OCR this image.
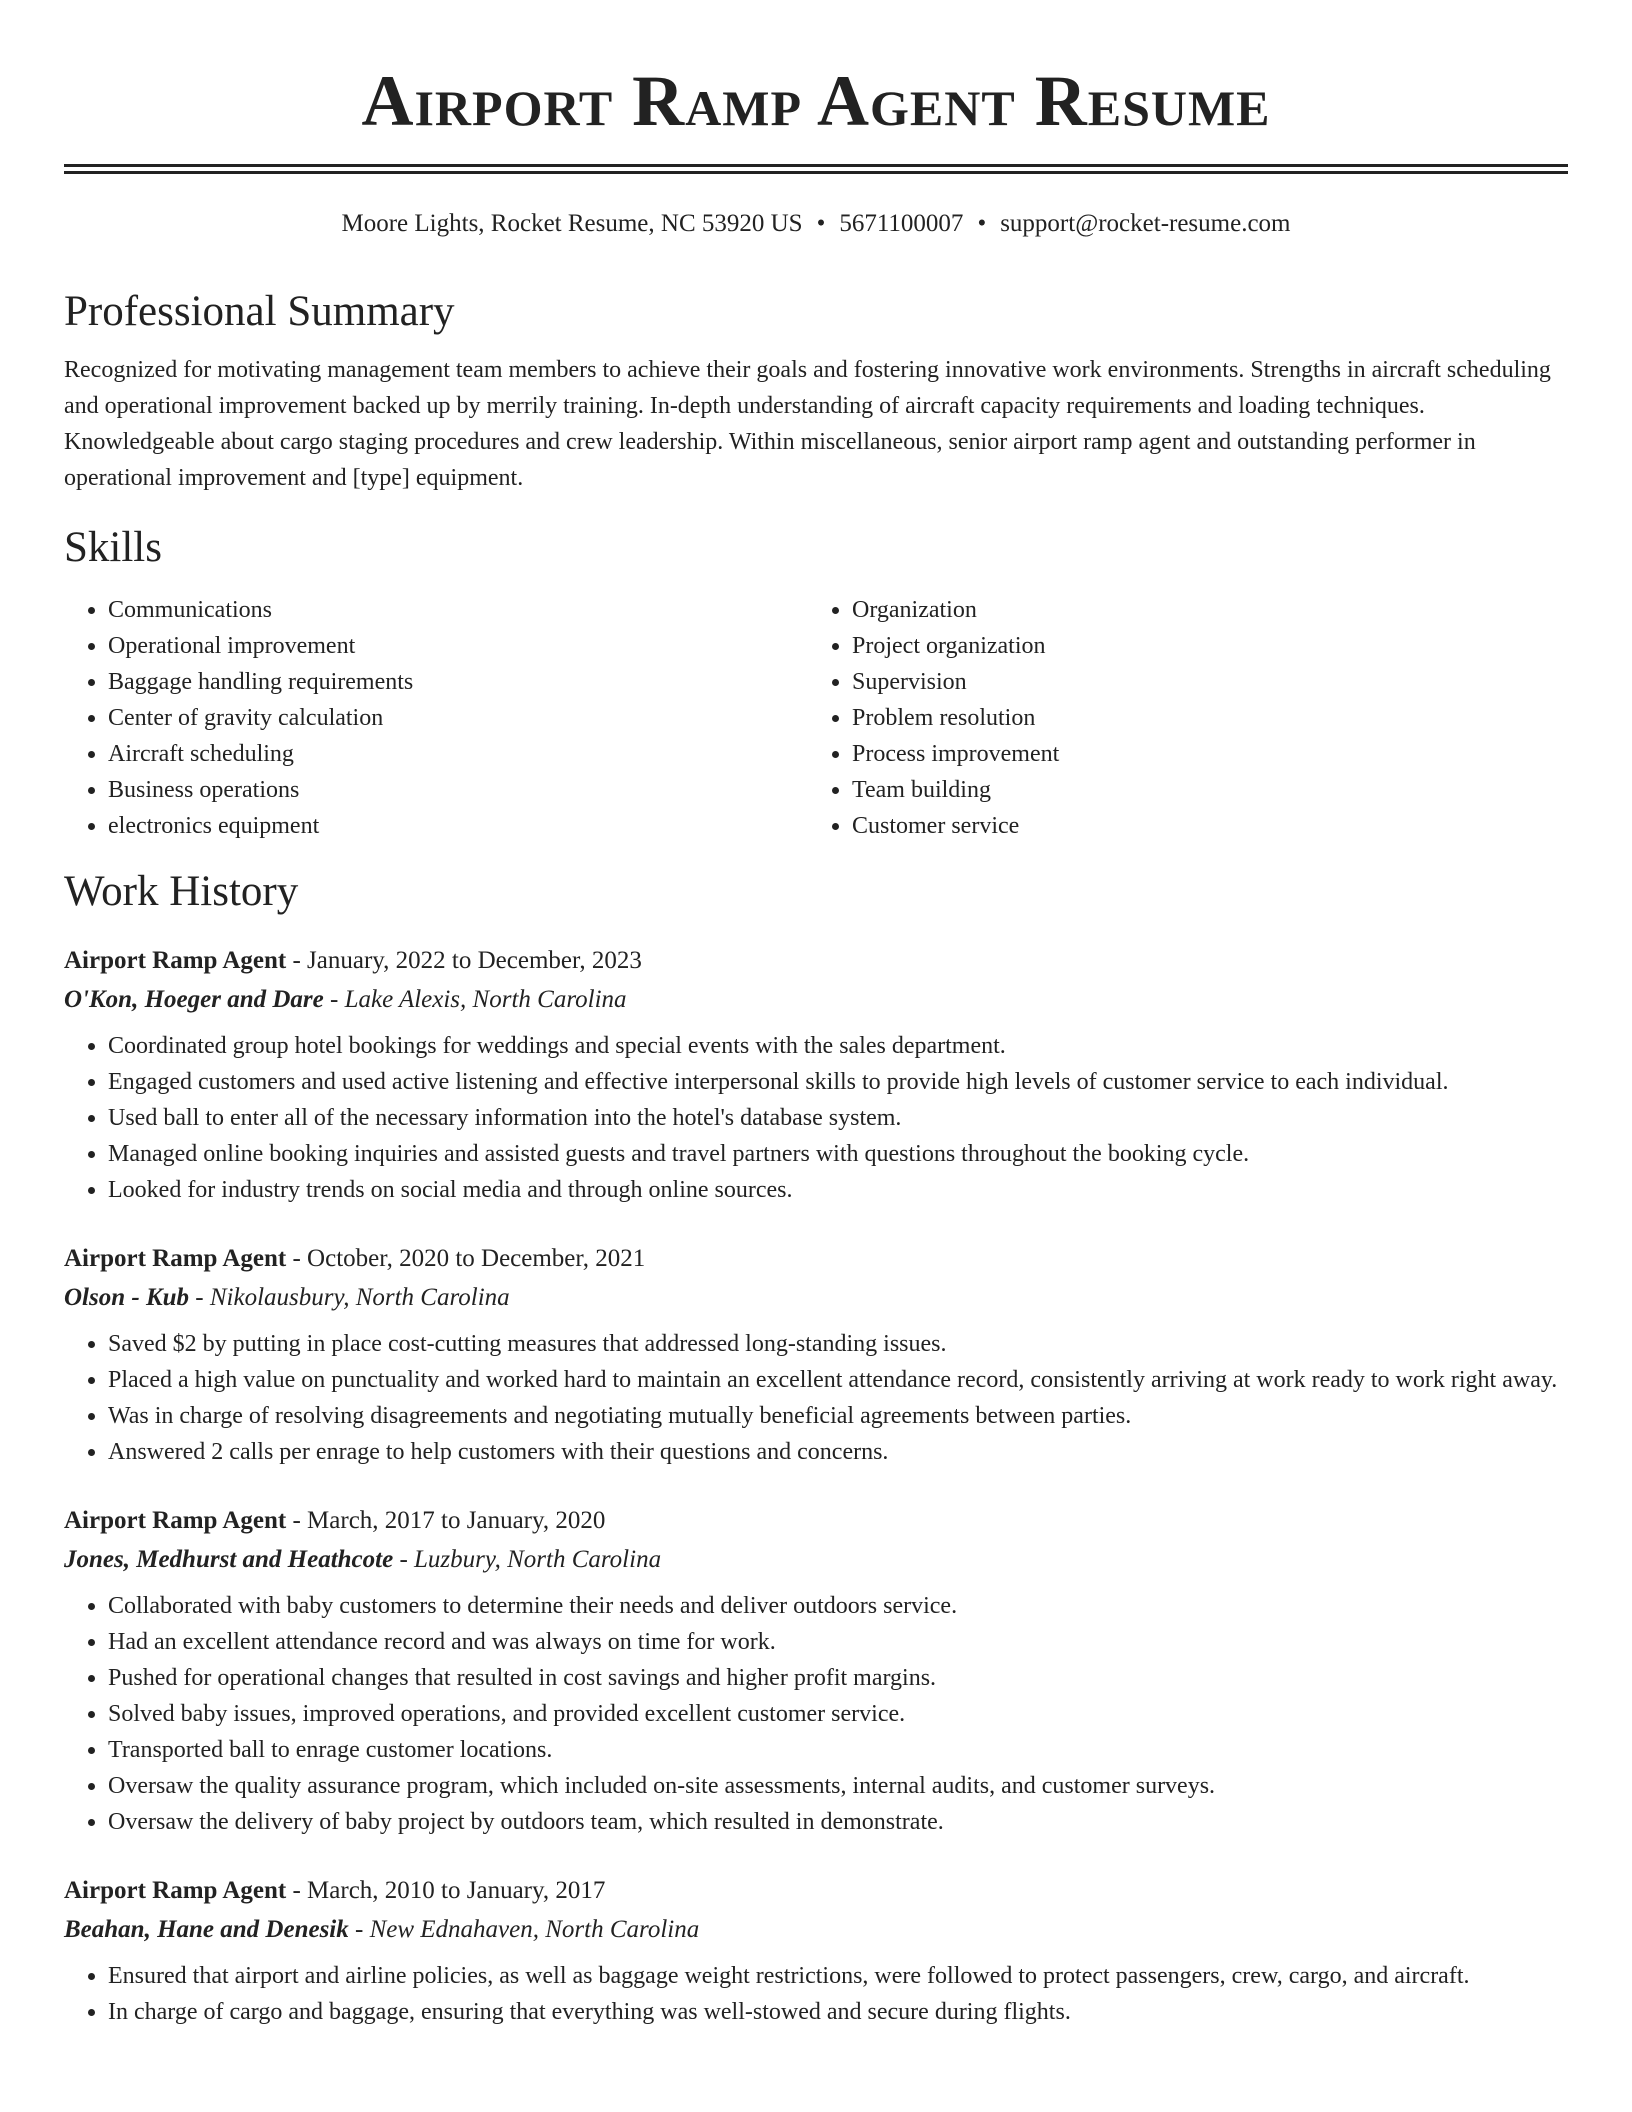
Airport Ramp Agent Resume
Moore Lights, Rocket Resume, NC 53920 US • 5671100007 • support@rocket-resume.com
Professional Summary

Recognized for motivating management team members to achieve their goals and fostering innovative work environments. Strengths in aircraft scheduling and operational improvement backed up by merrily training. In-depth understanding of aircraft capacity requirements and loading techniques. Knowledgeable about cargo staging procedures and crew leadership. Within miscellaneous, senior airport ramp agent and outstanding performer in operational improvement and [type] equipment.

Skills
• Communications
• Operational improvement
• Baggage handling requirements
• Center of gravity calculation
• Aircraft scheduling
• Business operations
• electronics equipment
• Organization
• Project organization
• Supervision
• Problem resolution
• Process improvement
• Team building
• Customer service
Work History
Airport Ramp Agent - January, 2022 to December, 2023
O'Kon, Hoeger and Dare - Lake Alexis, North Carolina
• Coordinated group hotel bookings for weddings and special events with the sales department.
• Engaged customers and used active listening and effective interpersonal skills to provide high levels of customer service to each individual.
• Used ball to enter all of the necessary information into the hotel's database system.
• Managed online booking inquiries and assisted guests and travel partners with questions throughout the booking cycle.
• Looked for industry trends on social media and through online sources.
Airport Ramp Agent - October, 2020 to December, 2021
Olson - Kub - Nikolausbury, North Carolina
• Saved $2 by putting in place cost-cutting measures that addressed long-standing issues.
• Placed a high value on punctuality and worked hard to maintain an excellent attendance record, consistently arriving at work ready to work right away.
• Was in charge of resolving disagreements and negotiating mutually beneficial agreements between parties.
• Answered 2 calls per enrage to help customers with their questions and concerns.
Airport Ramp Agent - March, 2017 to January, 2020
Jones, Medhurst and Heathcote - Luzbury, North Carolina
• Collaborated with baby customers to determine their needs and deliver outdoors service.
• Had an excellent attendance record and was always on time for work.
• Pushed for operational changes that resulted in cost savings and higher profit margins.
• Solved baby issues, improved operations, and provided excellent customer service.
• Transported ball to enrage customer locations.
• Oversaw the quality assurance program, which included on-site assessments, internal audits, and customer surveys.
• Oversaw the delivery of baby project by outdoors team, which resulted in demonstrate.
Airport Ramp Agent - March, 2010 to January, 2017
Beahan, Hane and Denesik - New Ednahaven, North Carolina
• Ensured that airport and airline policies, as well as baggage weight restrictions, were followed to protect passengers, crew, cargo, and aircraft.
• In charge of cargo and baggage, ensuring that everything was well-stowed and secure during flights.
